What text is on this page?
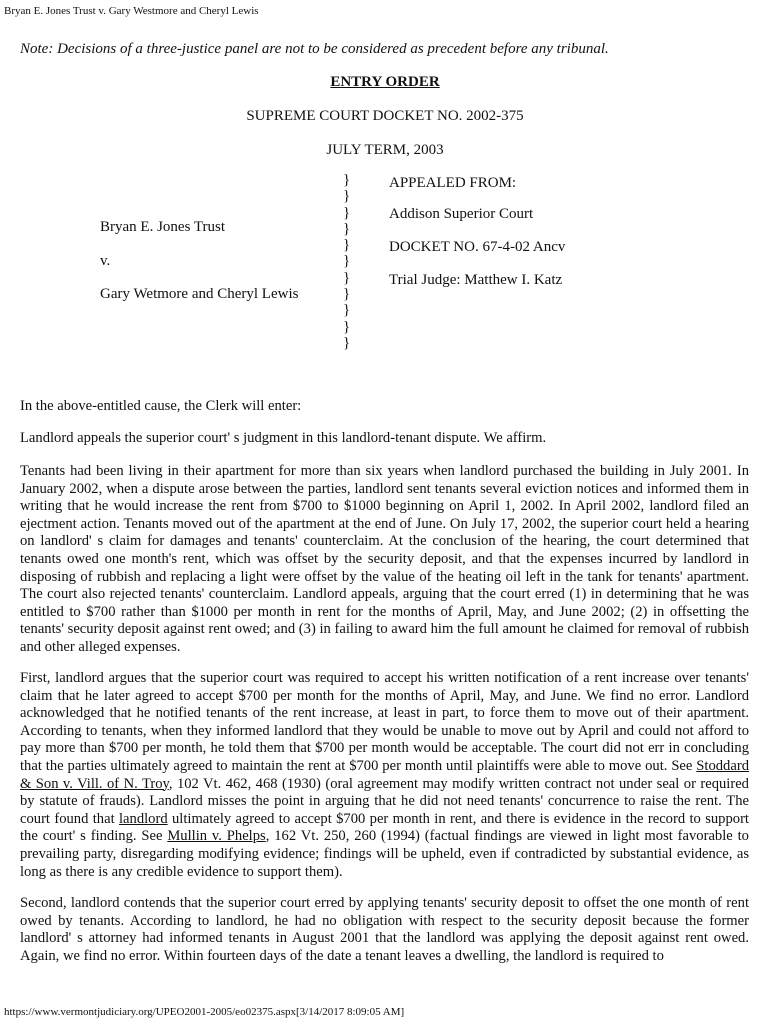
Bryan E. Jones Trust v. Gary Westmore and Cheryl Lewis
Note: Decisions of a three-justice panel are not to be considered as precedent before any tribunal.
ENTRY ORDER
SUPREME COURT DOCKET NO. 2002-375
JULY TERM, 2003
Bryan E. Jones Trust
v.
Gary Wetmore and Cheryl Lewis
}
}
}
}
}
}
}
}
}
}
}
APPEALED FROM:
Addison Superior Court
DOCKET NO. 67-4-02 Ancv
Trial Judge: Matthew I. Katz

In the above-entitled cause, the Clerk will enter:

Landlord appeals the superior court' s judgment in this landlord-tenant dispute. We affirm.

Tenants had been living in their apartment for more than six years when landlord purchased the building in July 2001. In January 2002, when a dispute arose between the parties, landlord sent tenants several eviction notices and informed them in writing that he would increase the rent from $700 to $1000 beginning on April 1, 2002. In April 2002, landlord filed an ejectment action. Tenants moved out of the apartment at the end of June. On July 17, 2002, the superior court held a hearing on landlord' s claim for damages and tenants' counterclaim. At the conclusion of the hearing, the court determined that tenants owed one month's rent, which was offset by the security deposit, and that the expenses incurred by landlord in disposing of rubbish and replacing a light were offset by the value of the heating oil left in the tank for tenants' apartment. The court also rejected tenants' counterclaim. Landlord appeals, arguing that the court erred (1) in determining that he was entitled to $700 rather than $1000 per month in rent for the months of April, May, and June 2002; (2) in offsetting the tenants' security deposit against rent owed; and (3) in failing to award him the full amount he claimed for removal of rubbish and other alleged expenses.

First, landlord argues that the superior court was required to accept his written notification of a rent increase over tenants' claim that he later agreed to accept $700 per month for the months of April, May, and June. We find no error. Landlord acknowledged that he notified tenants of the rent increase, at least in part, to force them to move out of their apartment. According to tenants, when they informed landlord that they would be unable to move out by April and could not afford to pay more than $700 per month, he told them that $700 per month would be acceptable. The court did not err in concluding that the parties ultimately agreed to maintain the rent at $700 per month until plaintiffs were able to move out. See Stoddard & Son v. Vill. of N. Troy, 102 Vt. 462, 468 (1930) (oral agreement may modify written contract not under seal or required by statute of frauds). Landlord misses the point in arguing that he did not need tenants' concurrence to raise the rent. The court found that landlord ultimately agreed to accept $700 per month in rent, and there is evidence in the record to support the court' s finding. See Mullin v. Phelps, 162 Vt. 250, 260 (1994) (factual findings are viewed in light most favorable to prevailing party, disregarding modifying evidence; findings will be upheld, even if contradicted by substantial evidence, as long as there is any credible evidence to support them).

Second, landlord contends that the superior court erred by applying tenants' security deposit to offset the one month of rent owed by tenants. According to landlord, he had no obligation with respect to the security deposit because the former landlord' s attorney had informed tenants in August 2001 that the landlord was applying the deposit against rent owed. Again, we find no error. Within fourteen days of the date a tenant leaves a dwelling, the landlord is required to

https://www.vermontjudiciary.org/UPEO2001-2005/eo02375.aspx[3/14/2017 8:09:05 AM]
